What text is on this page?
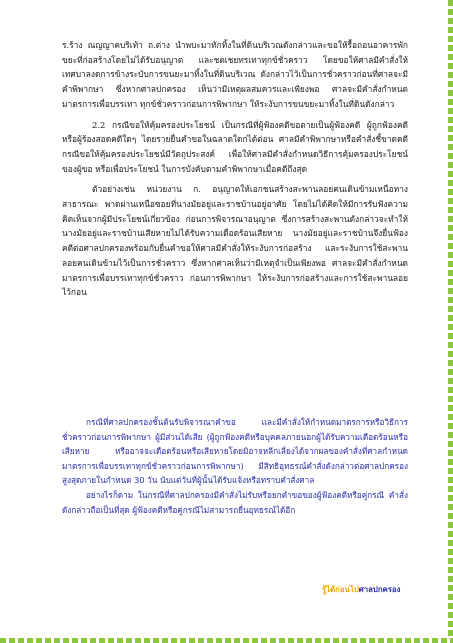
ร.ร้าง ณญญาคบริเท้า ถ.ต่าง นำพบะมาทักทิ้งในที่ดินบริเวณดังกล่าวและขอให้รื้อถอนอาคารพักขยะที่ก่อสร้างโดยไม่ได้รับอนุญาต และชดเชยทรเทาทุกข์ชั่วคราว โดยขอให้ศาลมีคำสั่งให้เทศบาลงดการข้างระบับการขนยะมาทิ้งในที่ดินบริเวณ ดังกล่าวไว้เป็นการชั่วคราวก่อนที่ศาลจะมีคำพิพากษา ซึ่งหากศาลปกครอง เห็นว่ามีเหตุผลสมควรและเพียงพอ ศาลจะมีคำสั่งกำหนดมาตรการเพื่อบรรเทา ทุกข์ชั่วคราวก่อนการพิพากษา ให้ระงับการขนขยะมาทิ้งในที่ดินดังกล่าว

2.2 กรณีขอให้คุ้มครองประโยชน์ เป็นกรณีที่ผู้ฟ้องคดีขอตายเป็นผู้ฟ้องคดี ผู้ถูกฟ้องคดี หรือผู้ร้องสอดคดีใดๆ ไดยรายยื่นคำขอในฉลาดใดก่ได้ต่อน ศาลมีคำพิพากษาหรือคำสั่งชี้ขาดคดี กรณีขอให้คุ้มครองประโยชน์มีวัตถุประสงค์ เพื่อให้ศาลมีคำสั่งกำหนดวิธีการคุ้มครองประโยชน์ของผู้ขอ หรือเพื่อประโยชน์ ในการบังคับตามคำพิพากษาเมื่อคดีถึงสุด

ตัวอย่างเช่น หน่วยงาน ก. อนุญาตให้เอกชนสร้างสะพานลอยคนเดินข้ามเหนือทางสาธารณะ พาดผ่านเหนือซอยที่นางมัยอยู่และราชบ้านอยู่อาศัย โดยไม่ได้คิดให้มีการรับฟังความคิดเห็นจากผู้มีประโยชน์เกี่ยวข้อง ก่อนการพิจารณาอนุญาต ซึ่งการสร้างสะพานดังกล่าวจะทำให้นางมัยอยู่และราชบ้านเสียหายไม่ได้รับความเดือดร้อนเสียหาย นางมัยอยู่และราชบ้านจึงยื่นฟ้องคดีต่อศาลปกครองพร้อมกับยื่นคำขอให้ศาลมีคำสั่งให้ระงับการก่อสร้าง และระงับการใช้สะพานลอยคนเดินข้ามไว้เป็นการชั่วคราว ซึ่งหากศาลเห็นว่ามีเหตุจำเป็นเพียงพอ ศาลจะมีคำสั่งกำหนดมาตรการเพื่อบรรเทาทุกข์ชั่วคราว ก่อนการพิพากษา ให้ระงับการก่อสร้างและการใช้สะพานลอยไว้ก่อน

กรณีที่ศาลปกครองชั้นต้นรับพิจารณาคำขอ และมีคำสั่งให้กำหนดมาตรการหรือวิธีการชั่วคราวก่อนการพิพากษา ผู้มีส่วนได้เสีย (ผู้ถูกฟ้องคดีหรือบุคคลภายนอกผู้ได้รับความเดือดร้อนหรือเสียหาย หรืออาจจะเดือดร้อนหรือเสียหายโดยมิอาจหลีกเลี่ยงได้จากผลของคำสั่งที่ศาลกำหนดมาตรการเพื่อบรรเทาทุกข์ชั่วคราวก่อนการพิพากษา) มีสิทธิอุทธรณ์คำสั่งดังกล่าวต่อศาลปกครองสูงสุดภายในกำหนด 30 วัน นับแต่วันที่ผู้นั้นได้รับแจ้งหรือทราบคำสั่งศาล

อย่างไรก็ตาม ในกรณีที่ศาลปกครองมีคำสั่งไม่รับหรือยกคำขอของผู้ฟ้องคดีหรือคู่กรณี คำสั่งดังกล่าวถือเป็นที่สุด ผู้ฟ้องคดีหรือคู่กรณีไม่สามารถยื่นอุทธรณ์ได้อีก

รู้ได้ก่อนไปศาลปกครอง
